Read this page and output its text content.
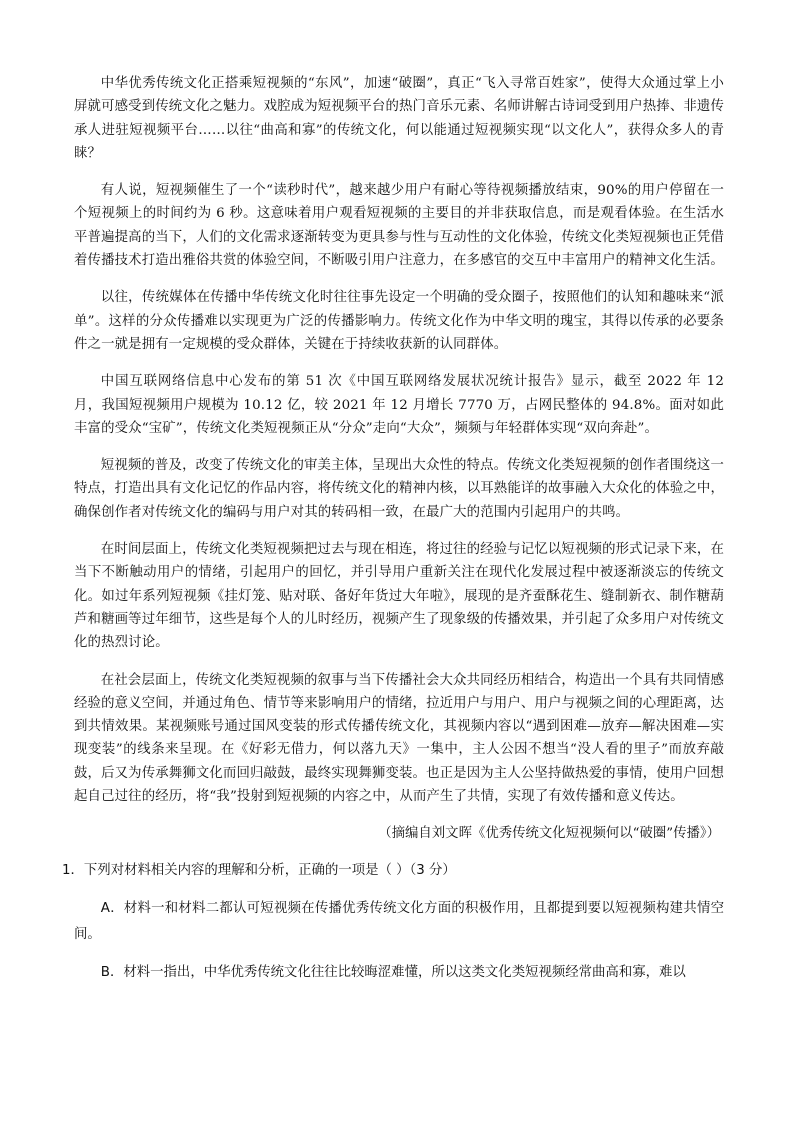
中华优秀传统文化正搭乘短视频的“东风”，加速“破圈”，真正“飞入寻常百姓家”，使得大众通过掌上小屏就可感受到传统文化之魅力。戏腔成为短视频平台的热门音乐元素、名师讲解古诗词受到用户热捧、非遗传承人进驻短视频平台……以往“曲高和寡”的传统文化，何以能通过短视频实现“以文化人”，获得众多人的青睐？

有人说，短视频催生了一个“读秒时代”，越来越少用户有耐心等待视频播放结束，90%的用户停留在一个短视频上的时间约为 6 秒。这意味着用户观看短视频的主要目的并非获取信息，而是观看体验。在生活水平普遍提高的当下，人们的文化需求逐渐转变为更具参与性与互动性的文化体验，传统文化类短视频也正凭借着传播技术打造出雅俗共赏的体验空间，不断吸引用户注意力，在多感官的交互中丰富用户的精神文化生活。

以往，传统媒体在传播中华传统文化时往往事先设定一个明确的受众圈子，按照他们的认知和趣味来“派单”。这样的分众传播难以实现更为广泛的传播影响力。传统文化作为中华文明的瑰宝，其得以传承的必要条件之一就是拥有一定规模的受众群体，关键在于持续收获新的认同群体。

中国互联网络信息中心发布的第 51 次《中国互联网络发展状况统计报告》显示，截至 2022 年 12 月，我国短视频用户规模为 10.12 亿，较 2021 年 12 月增长 7770 万，占网民整体的 94.8%。面对如此丰富的受众“宝矿”，传统文化类短视频正从“分众”走向“大众”，频频与年轻群体实现“双向奔赴”。

短视频的普及，改变了传统文化的审美主体，呈现出大众性的特点。传统文化类短视频的创作者围绕这一特点，打造出具有文化记忆的作品内容，将传统文化的精神内核，以耳熟能详的故事融入大众化的体验之中，确保创作者对传统文化的编码与用户对其的转码相一致，在最广大的范围内引起用户的共鸣。

在时间层面上，传统文化类短视频把过去与现在相连，将过往的经验与记忆以短视频的形式记录下来，在当下不断触动用户的情绪，引起用户的回忆，并引导用户重新关注在现代化发展过程中被逐渐淡忘的传统文化。如过年系列短视频《挂灯笼、贴对联、备好年货过大年啦》，展现的是齐蚕酥花生、缝制新衣、制作糖葫芦和糖画等过年细节，这些是每个人的儿时经历，视频产生了现象级的传播效果，并引起了众多用户对传统文化的热烈讨论。

在社会层面上，传统文化类短视频的叙事与当下传播社会大众共同经历相结合，构造出一个具有共同情感经验的意义空间，并通过角色、情节等来影响用户的情绪，拉近用户与用户、用户与视频之间的心理距离，达到共情效果。某视频账号通过国风变装的形式传播传统文化，其视频内容以“遇到困难—放弃—解决困难—实现变装”的线条来呈现。在《好彩无借力，何以落九天》一集中，主人公因不想当“没人看的里子”而放弃敲鼓，后又为传承舞狮文化而回归敲鼓，最终实现舞狮变装。也正是因为主人公坚持做热爱的事情，使用户回想起自己过往的经历，将“我”投射到短视频的内容之中，从而产生了共情，实现了有效传播和意义传达。

（摘编自刘文晖《优秀传统文化短视频何以“破圈”传播》）

1．下列对材料相关内容的理解和分析，正确的一项是（ ）（3 分）

A．材料一和材料二都认可短视频在传播优秀传统文化方面的积极作用，且都提到要以短视频构建共情空间。

B．材料一指出，中华优秀传统文化往往比较晦涩难懂，所以这类文化类短视频经常曲高和寡，难以
